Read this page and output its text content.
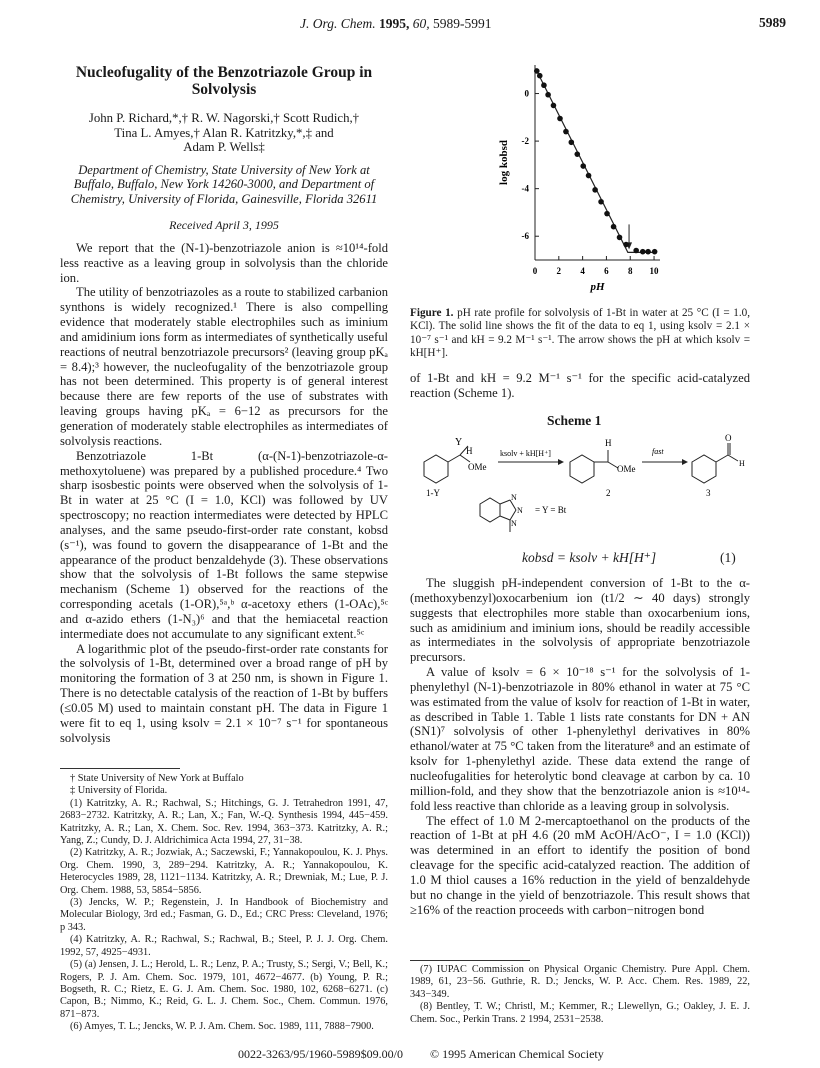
J. Org. Chem. 1995, 60, 5989-5991	5989
Nucleofugality of the Benzotriazole Group in Solvolysis
John P. Richard,*,† R. W. Nagorski,† Scott Rudich,†
Tina L. Amyes,† Alan R. Katritzky,*,‡ and
Adam P. Wells‡
Department of Chemistry, State University of New York at Buffalo, Buffalo, New York 14260-3000, and Department of Chemistry, University of Florida, Gainesville, Florida 32611
Received April 3, 1995

We report that the (N-1)-benzotriazole anion is ≈10¹⁴-fold less reactive as a leaving group in solvolysis than the chloride ion.

The utility of benzotriazoles as a route to stabilized carbanion synthons is widely recognized.¹ There is also compelling evidence that moderately stable electrophiles such as iminium and amidinium ions form as intermediates of synthetically useful reactions of neutral benzotriazole precursors² (leaving group pKₐ = 8.4);³ however, the nucleofugality of the benzotriazole group has not been determined. This property is of general interest because there are few reports of the use of substrates with leaving groups having pKₐ = 6−12 as precursors for the generation of moderately stable electrophiles as intermediates of solvolysis reactions.

Benzotriazole 1-Bt (α-(N-1)-benzotriazole-α-methoxytoluene) was prepared by a published procedure.⁴ Two sharp isosbestic points were observed when the solvolysis of 1-Bt in water at 25 °C (I = 1.0, KCl) was followed by UV spectroscopy; no reaction intermediates were detected by HPLC analyses, and the same pseudo-first-order rate constant, kobsd (s⁻¹), was found to govern the disappearance of 1-Bt and the appearance of the product benzaldehyde (3). These observations show that the solvolysis of 1-Bt follows the same stepwise mechanism (Scheme 1) observed for the reactions of the corresponding acetals (1-OR),⁵ᵃ,ᵇ α-acetoxy ethers (1-OAc),⁵ᶜ and α-azido ethers (1-N₃)⁶ and that the hemiacetal reaction intermediate does not accumulate to any significant extent.⁵ᶜ

A logarithmic plot of the pseudo-first-order rate constants for the solvolysis of 1-Bt, determined over a broad range of pH by monitoring the formation of 3 at 250 nm, is shown in Figure 1. There is no detectable catalysis of the reaction of 1-Bt by buffers (≤0.05 M) used to maintain constant pH. The data in Figure 1 were fit to eq 1, using ksolv = 2.1 × 10⁻⁷ s⁻¹ for spontaneous solvolysis

† State University of New York at Buffalo

‡ University of Florida.

(1) Katritzky, A. R.; Rachwal, S.; Hitchings, G. J. Tetrahedron 1991, 47, 2683−2732. Katritzky, A. R.; Lan, X.; Fan, W.-Q. Synthesis 1994, 445−459. Katritzky, A. R.; Lan, X. Chem. Soc. Rev. 1994, 363−373. Katritzky, A. R.; Yang, Z.; Cundy, D. J. Aldrichimica Acta 1994, 27, 31−38.

(2) Katritzky, A. R.; Jozwiak, A.; Saczewski, F.; Yannakopoulou, K. J. Phys. Org. Chem. 1990, 3, 289−294. Katritzky, A. R.; Yannakopoulou, K. Heterocycles 1989, 28, 1121−1134. Katritzky, A. R.; Drewniak, M.; Lue, P. J. Org. Chem. 1988, 53, 5854−5856.

(3) Jencks, W. P.; Regenstein, J. In Handbook of Biochemistry and Molecular Biology, 3rd ed.; Fasman, G. D., Ed.; CRC Press: Cleveland, 1976; p 343.

(4) Katritzky, A. R.; Rachwal, S.; Rachwal, B.; Steel, P. J. J. Org. Chem. 1992, 57, 4925−4931.

(5) (a) Jensen, J. L.; Herold, L. R.; Lenz, P. A.; Trusty, S.; Sergi, V.; Bell, K.; Rogers, P. J. Am. Chem. Soc. 1979, 101, 4672−4677. (b) Young, P. R.; Bogseth, R. C.; Rietz, E. G. J. Am. Chem. Soc. 1980, 102, 6268−6271. (c) Capon, B.; Nimmo, K.; Reid, G. L. J. Chem. Soc., Chem. Commun. 1976, 871−873.

(6) Amyes, T. L.; Jencks, W. P. J. Am. Chem. Soc. 1989, 111, 7888−7900.

0 2 4 6 8 10
0
-2
-4
-6
pH
log kobsd
Figure 1. pH rate profile for solvolysis of 1-Bt in water at 25 °C (I = 1.0, KCl). The solid line shows the fit of the data to eq 1, using ksolv = 2.1 × 10⁻⁷ s⁻¹ and kH = 9.2 M⁻¹ s⁻¹. The arrow shows the pH at which ksolv = kH[H⁺].

of 1-Bt and kH = 9.2 M⁻¹ s⁻¹ for the specific acid-catalyzed reaction (Scheme 1).

Scheme 1
Y
H
OMe
1-Y
ksolv + kH[H⁺]
H
OMe
2
fast
O
H
3
N
N
N
= Y = Bt
kobsd = ksolv + kH[H⁺]	(1)

The sluggish pH-independent conversion of 1-Bt to the α-(methoxybenzyl)oxocarbenium ion (t1/2 ∼ 40 days) strongly suggests that electrophiles more stable than oxocarbenium ions, such as amidinium and iminium ions, should be readily accessible as intermediates in the solvolysis of appropriate benzotriazole precursors.

A value of ksolv = 6 × 10⁻¹⁸ s⁻¹ for the solvolysis of 1-phenylethyl (N-1)-benzotriazole in 80% ethanol in water at 75 °C was estimated from the value of ksolv for reaction of 1-Bt in water, as described in Table 1. Table 1 lists rate constants for DN + AN (SN1)⁷ solvolysis of other 1-phenylethyl derivatives in 80% ethanol/water at 75 °C taken from the literature⁸ and an estimate of ksolv for 1-phenylethyl azide. These data extend the range of nucleofugalities for heterolytic bond cleavage at carbon by ca. 10 million-fold, and they show that the benzotriazole anion is ≈10¹⁴-fold less reactive than chloride as a leaving group in solvolysis.

The effect of 1.0 M 2-mercaptoethanol on the products of the reaction of 1-Bt at pH 4.6 (20 mM AcOH/AcO⁻, I = 1.0 (KCl)) was determined in an effort to identify the position of bond cleavage for the specific acid-catalyzed reaction. The addition of 1.0 M thiol causes a 16% reduction in the yield of benzaldehyde but no change in the yield of benzotriazole. This result shows that ≥16% of the reaction proceeds with carbon−nitrogen bond

(7) IUPAC Commission on Physical Organic Chemistry. Pure Appl. Chem. 1989, 61, 23−56. Guthrie, R. D.; Jencks, W. P. Acc. Chem. Res. 1989, 22, 343−349.

(8) Bentley, T. W.; Christl, M.; Kemmer, R.; Llewellyn, G.; Oakley, J. E. J. Chem. Soc., Perkin Trans. 2 1994, 2531−2538.

0022-3263/95/1960-5989$09.00/0 © 1995 American Chemical Society
